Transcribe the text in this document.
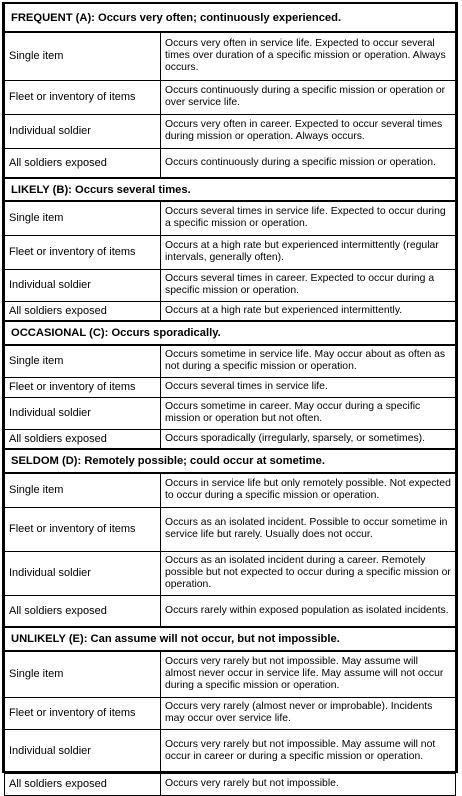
FREQUENT (A): Occurs very often; continuously experienced.	
Single item	Occurs very often in service life. Expected to occur several times over duration of a specific mission or operation. Always occurs.
Fleet or inventory of items	Occurs continuously during a specific mission or operation or over service life.
Individual soldier	Occurs very often in career. Expected to occur several times during mission or operation. Always occurs.
All soldiers exposed	Occurs continuously during a specific mission or operation.
LIKELY (B): Occurs several times.	
Single item	Occurs several times in service life. Expected to occur during a specific mission or operation.
Fleet or inventory of items	Occurs at a high rate but experienced intermittently (regular intervals, generally often).
Individual soldier	Occurs several times in career. Expected to occur during a specific mission or operation.
All soldiers exposed	Occurs at a high rate but experienced intermittently.
OCCASIONAL (C): Occurs sporadically.	
Single item	Occurs sometime in service life. May occur about as often as not during a specific mission or operation.
Fleet or inventory of items	Occurs several times in service life.
Individual soldier	Occurs sometime in career. May occur during a specific mission or operation but not often.
All soldiers exposed	Occurs sporadically (irregularly, sparsely, or sometimes).
SELDOM (D): Remotely possible; could occur at sometime.	
Single item	Occurs in service life but only remotely possible. Not expected to occur during a specific mission or operation.
Fleet or inventory of items	Occurs as an isolated incident. Possible to occur sometime in service life but rarely. Usually does not occur.
Individual soldier	Occurs as an isolated incident during a career. Remotely possible but not expected to occur during a specific mission or operation.
All soldiers exposed	Occurs rarely within exposed population as isolated incidents.
UNLIKELY (E): Can assume will not occur, but not impossible.	
Single item	Occurs very rarely but not impossible. May assume will almost never occur in service life. May assume will not occur during a specific mission or operation.
Fleet or inventory of items	Occurs very rarely (almost never or improbable). Incidents may occur over service life.
Individual soldier	Occurs very rarely but not impossible. May assume will not occur in career or during a specific mission or operation.
All soldiers exposed	Occurs very rarely but not impossible.
